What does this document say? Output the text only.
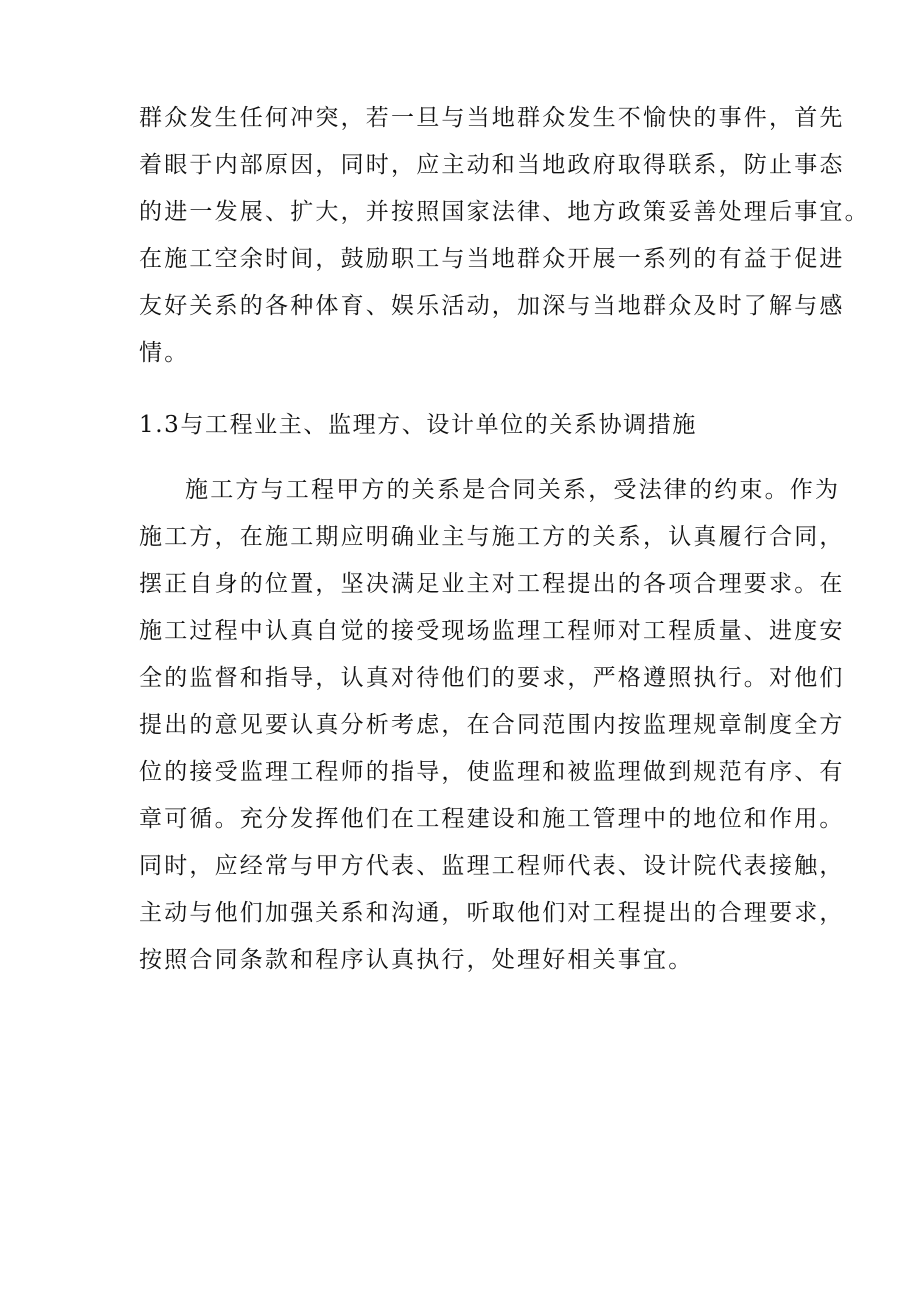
群众发生任何冲突，若一旦与当地群众发生不愉快的事件，首先
着眼于内部原因，同时，应主动和当地政府取得联系，防止事态
的进一发展、扩大，并按照国家法律、地方政策妥善处理后事宜。
在施工空余时间，鼓励职工与当地群众开展一系列的有益于促进
友好关系的各种体育、娱乐活动，加深与当地群众及时了解与感
情。
1.3与工程业主、监理方、设计单位的关系协调措施
施工方与工程甲方的关系是合同关系，受法律的约束。作为
施工方，在施工期应明确业主与施工方的关系，认真履行合同，
摆正自身的位置，坚决满足业主对工程提出的各项合理要求。在
施工过程中认真自觉的接受现场监理工程师对工程质量、进度安
全的监督和指导，认真对待他们的要求，严格遵照执行。对他们
提出的意见要认真分析考虑，在合同范围内按监理规章制度全方
位的接受监理工程师的指导，使监理和被监理做到规范有序、有
章可循。充分发挥他们在工程建设和施工管理中的地位和作用。
同时，应经常与甲方代表、监理工程师代表、设计院代表接触，
主动与他们加强关系和沟通，听取他们对工程提出的合理要求，
按照合同条款和程序认真执行，处理好相关事宜。
